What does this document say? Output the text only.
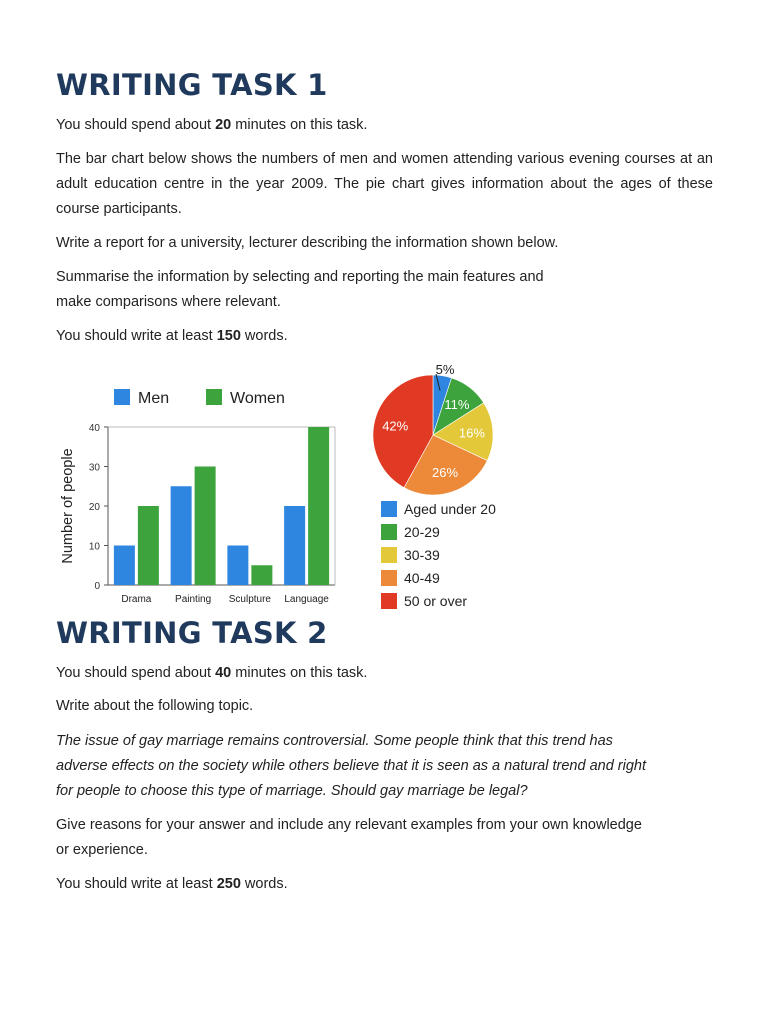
WRITING TASK 1

You should spend about 20 minutes on this task.

The bar chart below shows the numbers of men and women attending various evening courses at an adult education centre in the year 2009. The pie chart gives information about the ages of these course participants.

Write a report for a university, lecturer describing the information shown below.

Summarise the information by selecting and reporting the main features and
make comparisons where relevant.

You should write at least 150 words.

Men	Women
Number of people
0
10
20
30
40
Drama Painting Sculpture Language
5%
11%
16%
26%
42%
Aged under 20
20-29
30-39
40-49
50 or over
WRITING TASK 2

You should spend about 40 minutes on this task.

Write about the following topic.

The issue of gay marriage remains controversial. Some people think that this trend has
adverse effects on the society while others believe that it is seen as a natural trend and right
for people to choose this type of marriage. Should gay marriage be legal?

Give reasons for your answer and include any relevant examples from your own knowledge
or experience.

You should write at least 250 words.
